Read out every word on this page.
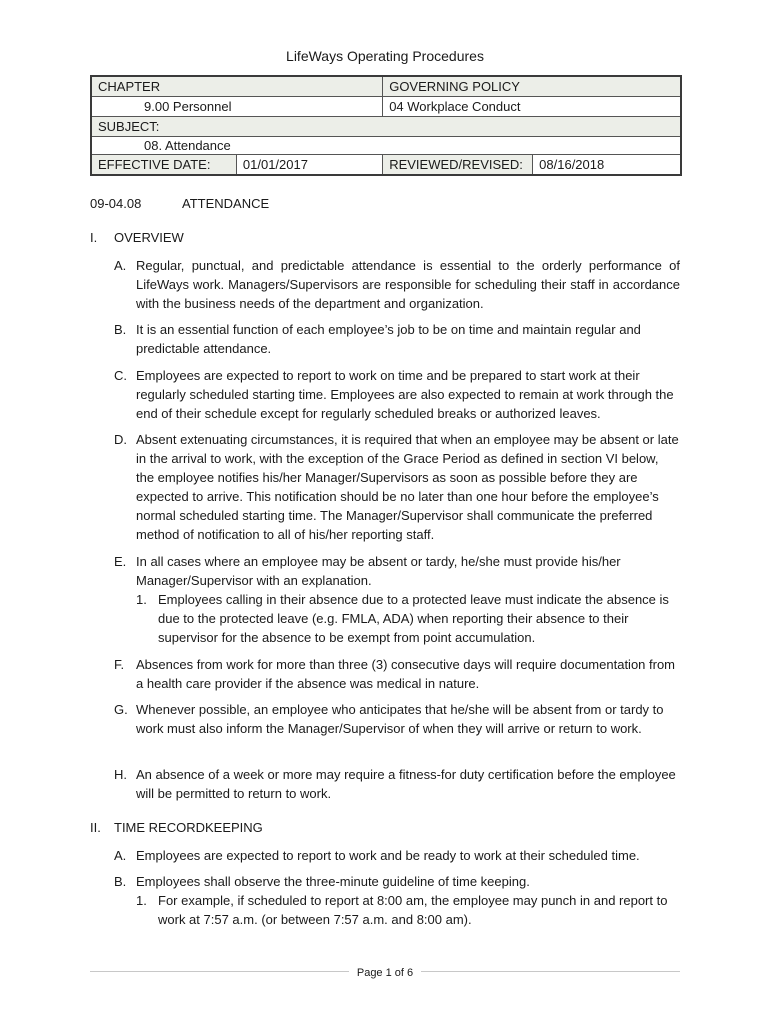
LifeWays Operating Procedures
CHAPTER		GOVERNING POLICY	
9.00 Personnel		04 Workplace Conduct	
SUBJECT:			
08. Attendance			
EFFECTIVE DATE:	01/01/2017	REVIEWED/REVISED:	08/16/2018
09-04.08	ATTENDANCE
I. OVERVIEW
A. Regular, punctual, and predictable attendance is essential to the orderly performance of LifeWays work. Managers/Supervisors are responsible for scheduling their staff in accordance with the business needs of the department and organization.
B. It is an essential function of each employee’s job to be on time and maintain regular and predictable attendance.
C. Employees are expected to report to work on time and be prepared to start work at their regularly scheduled starting time. Employees are also expected to remain at work through the end of their schedule except for regularly scheduled breaks or authorized leaves.
D. Absent extenuating circumstances, it is required that when an employee may be absent or late in the arrival to work, with the exception of the Grace Period as defined in section VI below, the employee notifies his/her Manager/Supervisors as soon as possible before they are expected to arrive. This notification should be no later than one hour before the employee’s normal scheduled starting time. The Manager/Supervisor shall communicate the preferred method of notification to all of his/her reporting staff.
E. In all cases where an employee may be absent or tardy, he/she must provide his/her Manager/Supervisor with an explanation.
1. Employees calling in their absence due to a protected leave must indicate the absence is due to the protected leave (e.g. FMLA, ADA) when reporting their absence to their supervisor for the absence to be exempt from point accumulation.
F. Absences from work for more than three (3) consecutive days will require documentation from a health care provider if the absence was medical in nature.
G. Whenever possible, an employee who anticipates that he/she will be absent from or tardy to work must also inform the Manager/Supervisor of when they will arrive or return to work.
H. An absence of a week or more may require a fitness-for duty certification before the employee will be permitted to return to work.
II. TIME RECORDKEEPING
A. Employees are expected to report to work and be ready to work at their scheduled time.
B. Employees shall observe the three-minute guideline of time keeping.
1. For example, if scheduled to report at 8:00 am, the employee may punch in and report to work at 7:57 a.m. (or between 7:57 a.m. and 8:00 am).
Page 1 of 6
